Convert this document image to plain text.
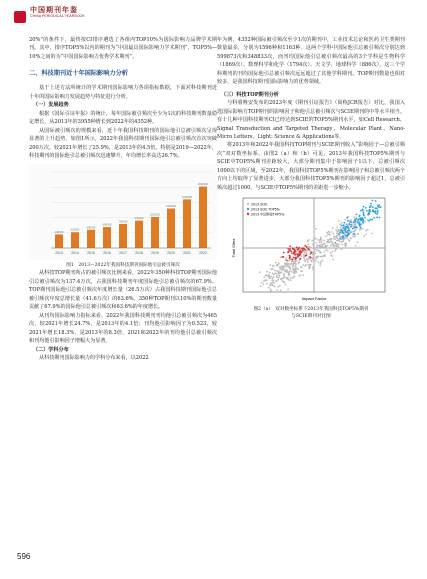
中国期刊年鉴
CHINA PERIODICAL YEARBOOK

20%”的条件下，最终按CI排序遴选了各组内TOP10%为国际影响力品牌学术期刊。其中，排序TOP5%以内的期刊为“中国最具国际影响力学术期刊”，TOP5%—10%之间的为“中国国际影响力优秀学术期刊”。

二、科技期刊近十年国际影响力分析

基于上述方法所统计的学术期刊国际影响力各项指标数据，下面对科技期刊近十年的国际影响力发展趋势与特征进行分析。

（一）发展趋势

根据《国际引证年报》的统计，每年国际被引频次至少为1次的科技期刊数量稳定增长，从2013年的3955种增长到2022年的4352种。

从国际被引频次的规模来看，近十年我国科技期刊的国际他引总被引频次呈现显著的上升趋势，如图1所示，2022年我国科技期刊国际他引总被引频次首次突破200万次，较2021年增长了25.9%，是2013年的4.5倍。特别是2019—2022年，科技期刊的国际他引总被引频次迅速攀升，年均增长率高达26.7%。

2013
448000
2014
520000
2015
600000
2016
690000
2017
790000
2018
900000
2019
1020000
2020
1300000
2021
1600000
2022
2020000

图1　2013—2022年我国科技期刊国际他引总被引频次

从科技TOP期刊所占的被引频次比例来看，2022年350种科技TOP期刊国际他引总被引频次为137.4万次，占我国科技期刊年度国际他引总被引频次的67.9%。TOP期刊国际他引总被引频次年度增长量（26.5万次）占我国科技期刊国际他引总被引频次年度总增长量（41.6万次）的63.6%。350种TOP期刊以10%的期刊数量贡献了67.9%的国际他引总被引频次和63.6%的年度增长。

从刊均国际影响力指标来看，2022年我国科技期刊刊均他引总被引频次为465次，较2021年增长24.7%，是2013年的4.1倍；刊均他引影响因子为0.523，较2021年增长18.3%，是2013年的8.3倍，2021和2022年的刊均他引总被引频次和刊均他引影响因子增幅大为显著。

（二）学科分布

从科技期刊国际影响力的学科分布来看，以2022

年为例，4352种国际被引频次至少1次的期刊中，工业技术总论和医药卫生类期刊数量最多，分别为1596种和1163种。这两个学科中国际他引总被引频次分别达到599873次和348833次，而刊均国际他引总被引频次最高的3个学科是生物科学（1869次）、数理科学和化学（1794次）、天文学、地球科学（886次），这三个学科期刊的刊均国际他引总被引频次远远超过了其他学科期刊。TOP期刊数量也相对较多，是我国科技期刊国际影响力的优势领域。

（三）科技TOP期刊分析

与科睿唯安发布的2023年度《期刊引证报告》（简称JCR报告）对比，我国入选国际影响力TOP期刊的影响因子和他引总被引频次与SCIE期刊的中等水平相当。有十几种中国科技期刊CI已经达到SCIE的TOP5%期刊水平，如Cell Research、Signal Transduction and Targeted Therapy、Molecular Plant、Nano-Micro Letters、Light: Science & Applications等。

将2013年和2022年我国科技TOP期刊与SCIE期刊收入“影响因子—总被引频次”双对数坐标系，由图2（a）和（b）可见，2013年我国科技TOP5%期刊与SCIE中TOP5%期刊差距较大，大部分期刊集中于影响因子1以下，总被引频次1000以下的区域，至2022年，我国科技TOP5%期刊在影响因子和总被引频次两个方向上均取得了显著进步，大部分我国科技TOP5%期刊的影响因子超过1，总被引频次超过1000，与SCIE中TOP5%期刊的差距进一步缩小。

Total Cites
Impact Factor
2013 SCIE
2013 SCIE TOP5%
2013 中国科技TOP5%

图2（a）　双对数坐标系下2013年我国科技TOP5%期刊

与SCIE期刊对比图

596
